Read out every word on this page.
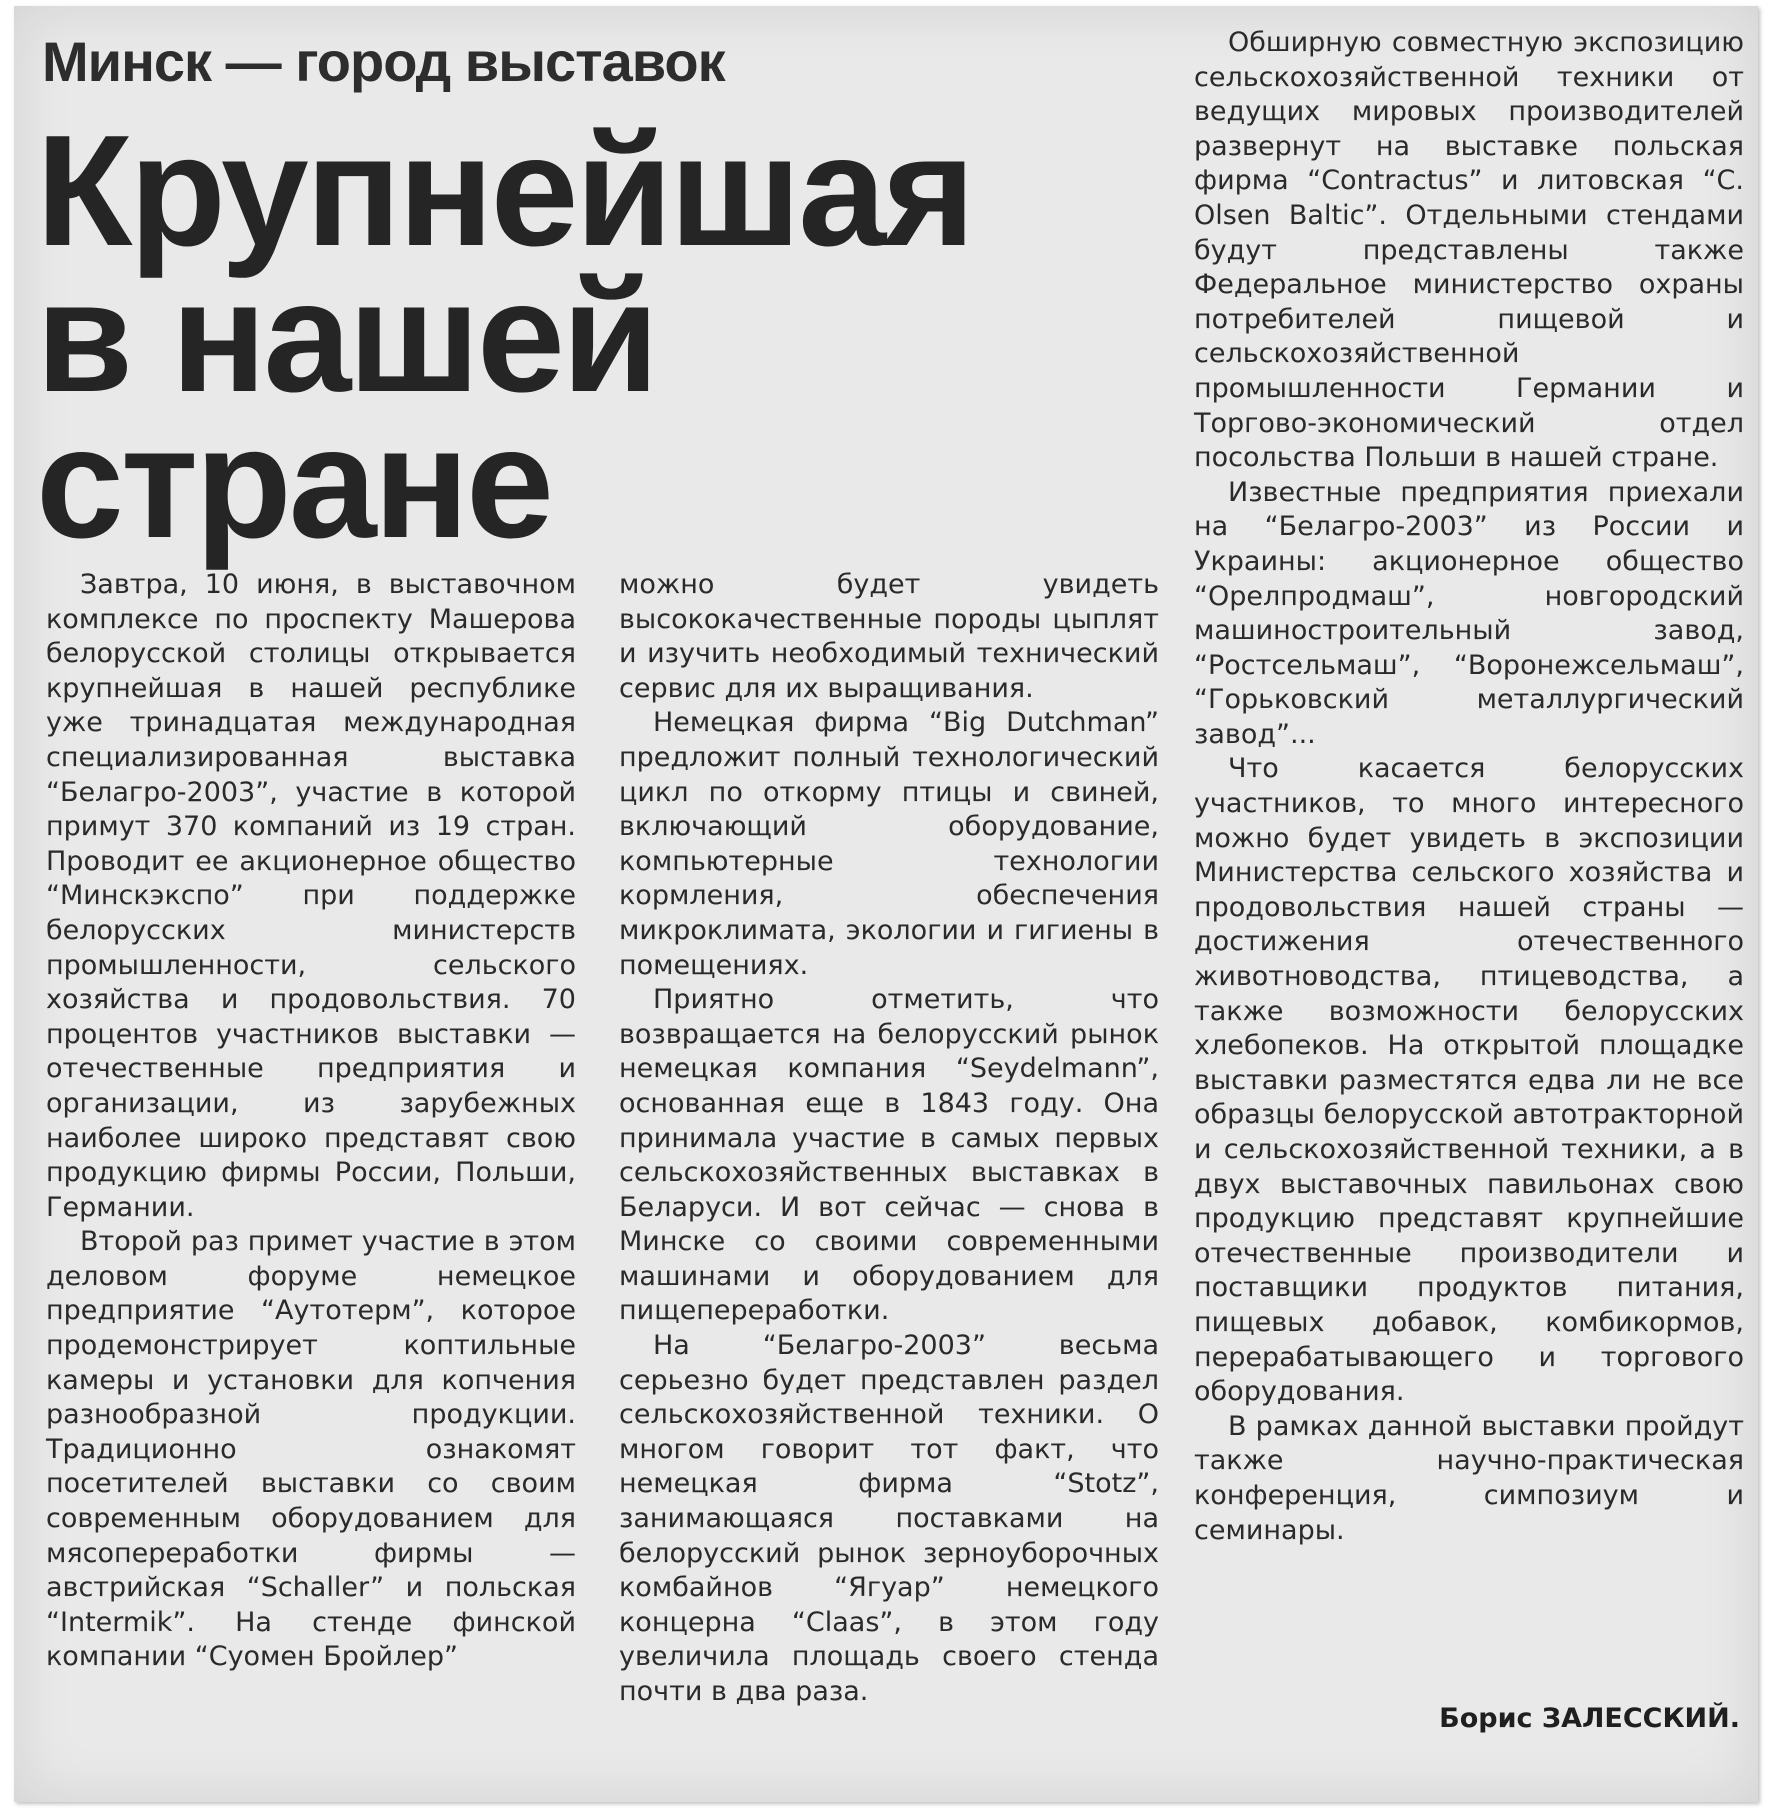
Минск — город выставок
Крупнейшая
в нашей
стране

Завтра, 10 июня, в выставочном комплексе по проспекту Машерова белорусской столицы открывается крупнейшая в нашей республике уже тринадцатая международная специализированная выставка “Белагро-2003”, участие в которой примут 370 компаний из 19 стран. Проводит ее акционерное общество “Минскэкспо” при поддержке белорусских министерств промышленности, сельского хозяйства и продовольствия. 70 процентов участников выставки — отечественные предприятия и организации, из зарубежных наиболее широко представят свою продукцию фирмы России, Польши, Германии.

Второй раз примет участие в этом деловом форуме немецкое предприятие “Аутотерм”, которое продемонстрирует коптильные камеры и установки для копчения разнообразной продукции. Традиционно ознакомят посетителей выставки со своим современным оборудованием для мясопереработки фирмы — австрийская “Schaller” и польская “Intermik”. На стенде финской компании “Суомен Бройлер”

можно будет увидеть высококачественные породы цыплят и изучить необходимый технический сервис для их выращивания.

Немецкая фирма “Big Dutchman” предложит полный технологический цикл по откорму птицы и свиней, включающий оборудование, компьютерные технологии кормления, обеспечения микроклимата, экологии и гигиены в помещениях.

Приятно отметить, что возвращается на белорусский рынок немецкая компания “Seydelmann”, основанная еще в 1843 году. Она принимала участие в самых первых сельскохозяйственных выставках в Беларуси. И вот сейчас — снова в Минске со своими современными машинами и оборудованием для пищепереработки.

На “Белагро-2003” весьма серьезно будет представлен раздел сельскохозяйственной техники. О многом говорит тот факт, что немецкая фирма “Stotz”, занимающаяся поставками на белорусский рынок зерноуборочных комбайнов “Ягуар” немецкого концерна “Claas”, в этом году увеличила площадь своего стенда почти в два раза.

Обширную совместную экспозицию сельскохозяйственной техники от ведущих мировых производителей развернут на выставке польская фирма “Contractus” и литовская “C. Olsen Baltic”. Отдельными стендами будут представлены также Федеральное министерство охраны потребителей пищевой и сельскохозяйственной промышленности Германии и Торгово-экономический отдел посольства Польши в нашей стране.

Известные предприятия приехали на “Белагро-2003” из России и Украины: акционерное общество “Орелпродмаш”, новгородский машиностроительный завод, “Ростсельмаш”, “Воронежсельмаш”, “Горьковский металлургический завод”...

Что касается белорусских участников, то много интересного можно будет увидеть в экспозиции Министерства сельского хозяйства и продовольствия нашей страны — достижения отечественного животноводства, птицеводства, а также возможности белорусских хлебопеков. На открытой площадке выставки разместятся едва ли не все образцы белорусской автотракторной и сельскохозяйственной техники, а в двух выставочных павильонах свою продукцию представят крупнейшие отечественные производители и поставщики продуктов питания, пищевых добавок, комбикормов, перерабатывающего и торгового оборудования.

В рамках данной выставки пройдут также научно-практическая конференция, симпозиум и семинары.

Борис ЗАЛЕССКИЙ.
